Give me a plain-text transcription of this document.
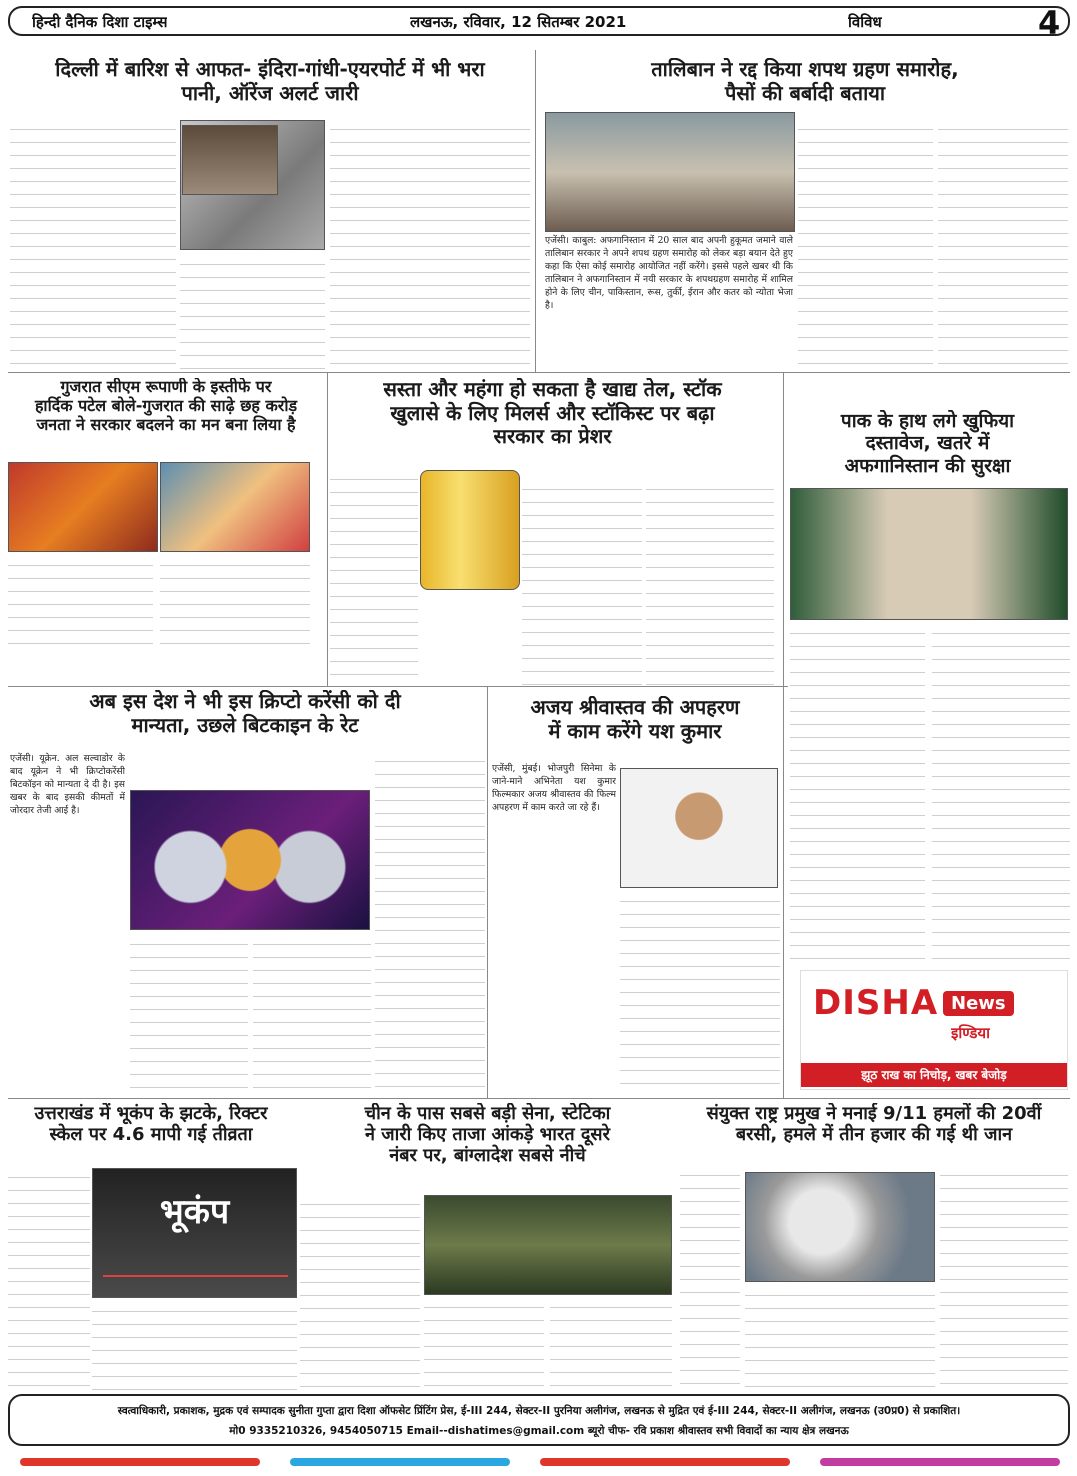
हिन्दी दैनिक दिशा टाइम्स	लखनऊ, रविवार, 12 सितम्बर 2021	विविध	4
दिल्ली में बारिश से आफत- इंदिरा-गांधी-एयरपोर्ट में भी भरा
पानी, ऑरेंज अलर्ट जारी
तालिबान ने रद्द किया शपथ ग्रहण समारोह,
पैसों की बर्बादी बताया
एजेंसी। काबुल: अफगानिस्तान में 20 साल बाद अपनी हुकूमत जमाने वाले तालिबान सरकार ने अपने शपथ ग्रहण समारोह को लेकर बड़ा बयान देते हुए कहा कि ऐसा कोई समारोह आयोजित नहीं करेंगे। इससे पहले खबर थी कि तालिबान ने अफगानिस्तान में नयी सरकार के शपथग्रहण समारोह में शामिल होने के लिए चीन, पाकिस्तान, रूस, तुर्की, ईरान और कतर को न्योता भेजा है।
गुजरात सीएम रूपाणी के इस्तीफे पर
हार्दिक पटेल बोले-गुजरात की साढ़े छह करोड़
जनता ने सरकार बदलने का मन बना लिया है
सस्ता और महंगा हो सकता है खाद्य तेल, स्टॉक
खुलासे के लिए मिलर्स और स्टॉकिस्ट पर बढ़ा
सरकार का प्रेशर
पाक के हाथ लगे खुफिया
दस्तावेज, खतरे में
अफगानिस्तान की सुरक्षा
अब इस देश ने भी इस क्रिप्टो करेंसी को दी
मान्यता, उछले बिटकाइन के रेट
एजेंसी। यूक्रेन. अल सल्वाडोर के बाद यूक्रेन ने भी क्रिप्टोकरेंसी बिटकॉइन को मान्यता दे दी है। इस खबर के बाद इसकी कीमतों में जोरदार तेजी आई है।
अजय श्रीवास्तव की अपहरण
में काम करेंगे यश कुमार
एजेंसी, मुंबई। भोजपुरी सिनेमा के जाने-माने अभिनेता यश कुमार फिल्मकार अजय श्रीवास्तव की फिल्म अपहरण में काम करते जा रहे हैं।
DISHA News
इण्डिया
झूठ राख का निचोड़, खबर बेजोड़
उत्तराखंड में भूकंप के झटके, रिक्टर
स्केल पर 4.6 मापी गई तीव्रता
भूकंप
चीन के पास सबसे बड़ी सेना, स्टेटिका
ने जारी किए ताजा आंकड़े भारत दूसरे
नंबर पर, बांग्लादेश सबसे नीचे
संयुक्त राष्ट्र प्रमुख ने मनाई 9/11 हमलों की 20वीं
बरसी, हमले में तीन हजार की गई थी जान
स्वत्वाधिकारी, प्रकाशक, मुद्रक एवं सम्पादक सुनीता गुप्ता द्वारा दिशा ऑफसेट प्रिंटिंग प्रेस, ई-III 244, सेक्टर-II पुरनिया अलीगंज, लखनऊ से मुद्रित एवं ई-III 244, सेक्टर-II अलीगंज, लखनऊ (उ0प्र0) से प्रकाशित।
मो0 9335210326, 9454050715 Email--dishatimes@gmail.com ब्यूरो चीफ- रवि प्रकाश श्रीवास्तव सभी विवादों का न्याय क्षेत्र लखनऊ
